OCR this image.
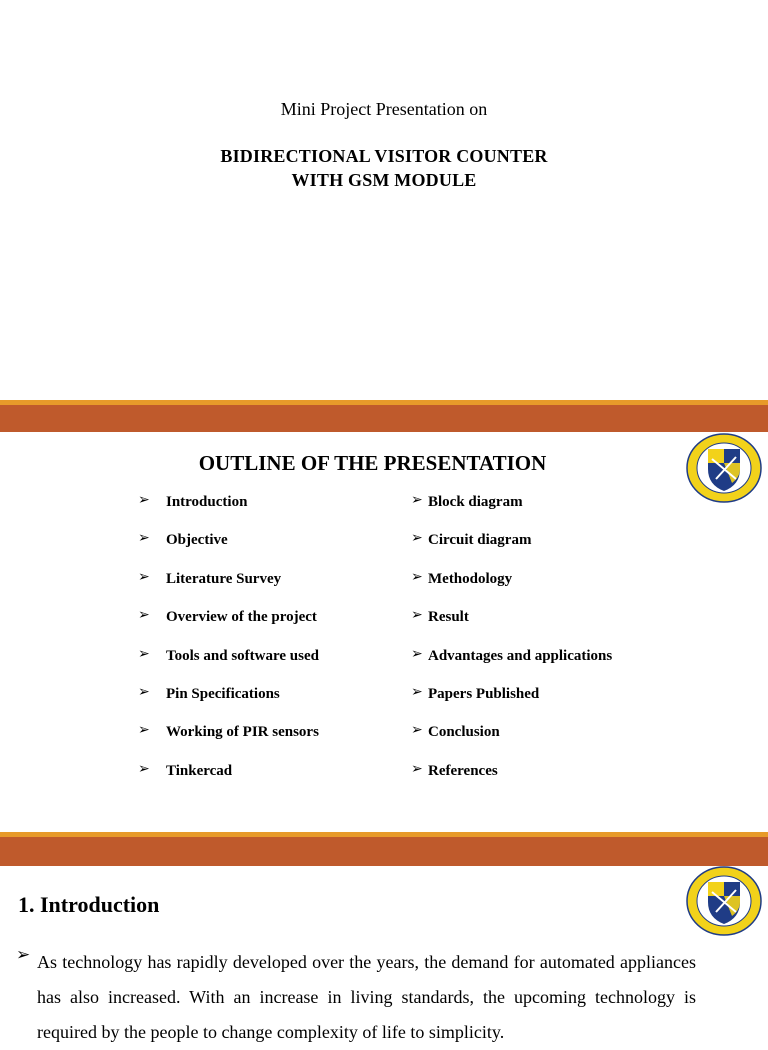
Mini Project Presentation on
BIDIRECTIONAL VISITOR COUNTER
WITH GSM MODULE
OUTLINE OF THE PRESENTATION
➢ Introduction
➢ Objective
➢ Literature Survey
➢ Overview of the project
➢ Tools and software used
➢ Pin Specifications
➢ Working of PIR sensors
➢ Tinkercad
➢ Block diagram
➢ Circuit diagram
➢ Methodology
➢ Result
➢ Advantages and applications
➢ Papers Published
➢ Conclusion
➢ References
1. Introduction
➢ As technology has rapidly developed over the years, the demand for automated appliances has also increased. With an increase in living standards, the upcoming technology is required by the people to change complexity of life to simplicity.
